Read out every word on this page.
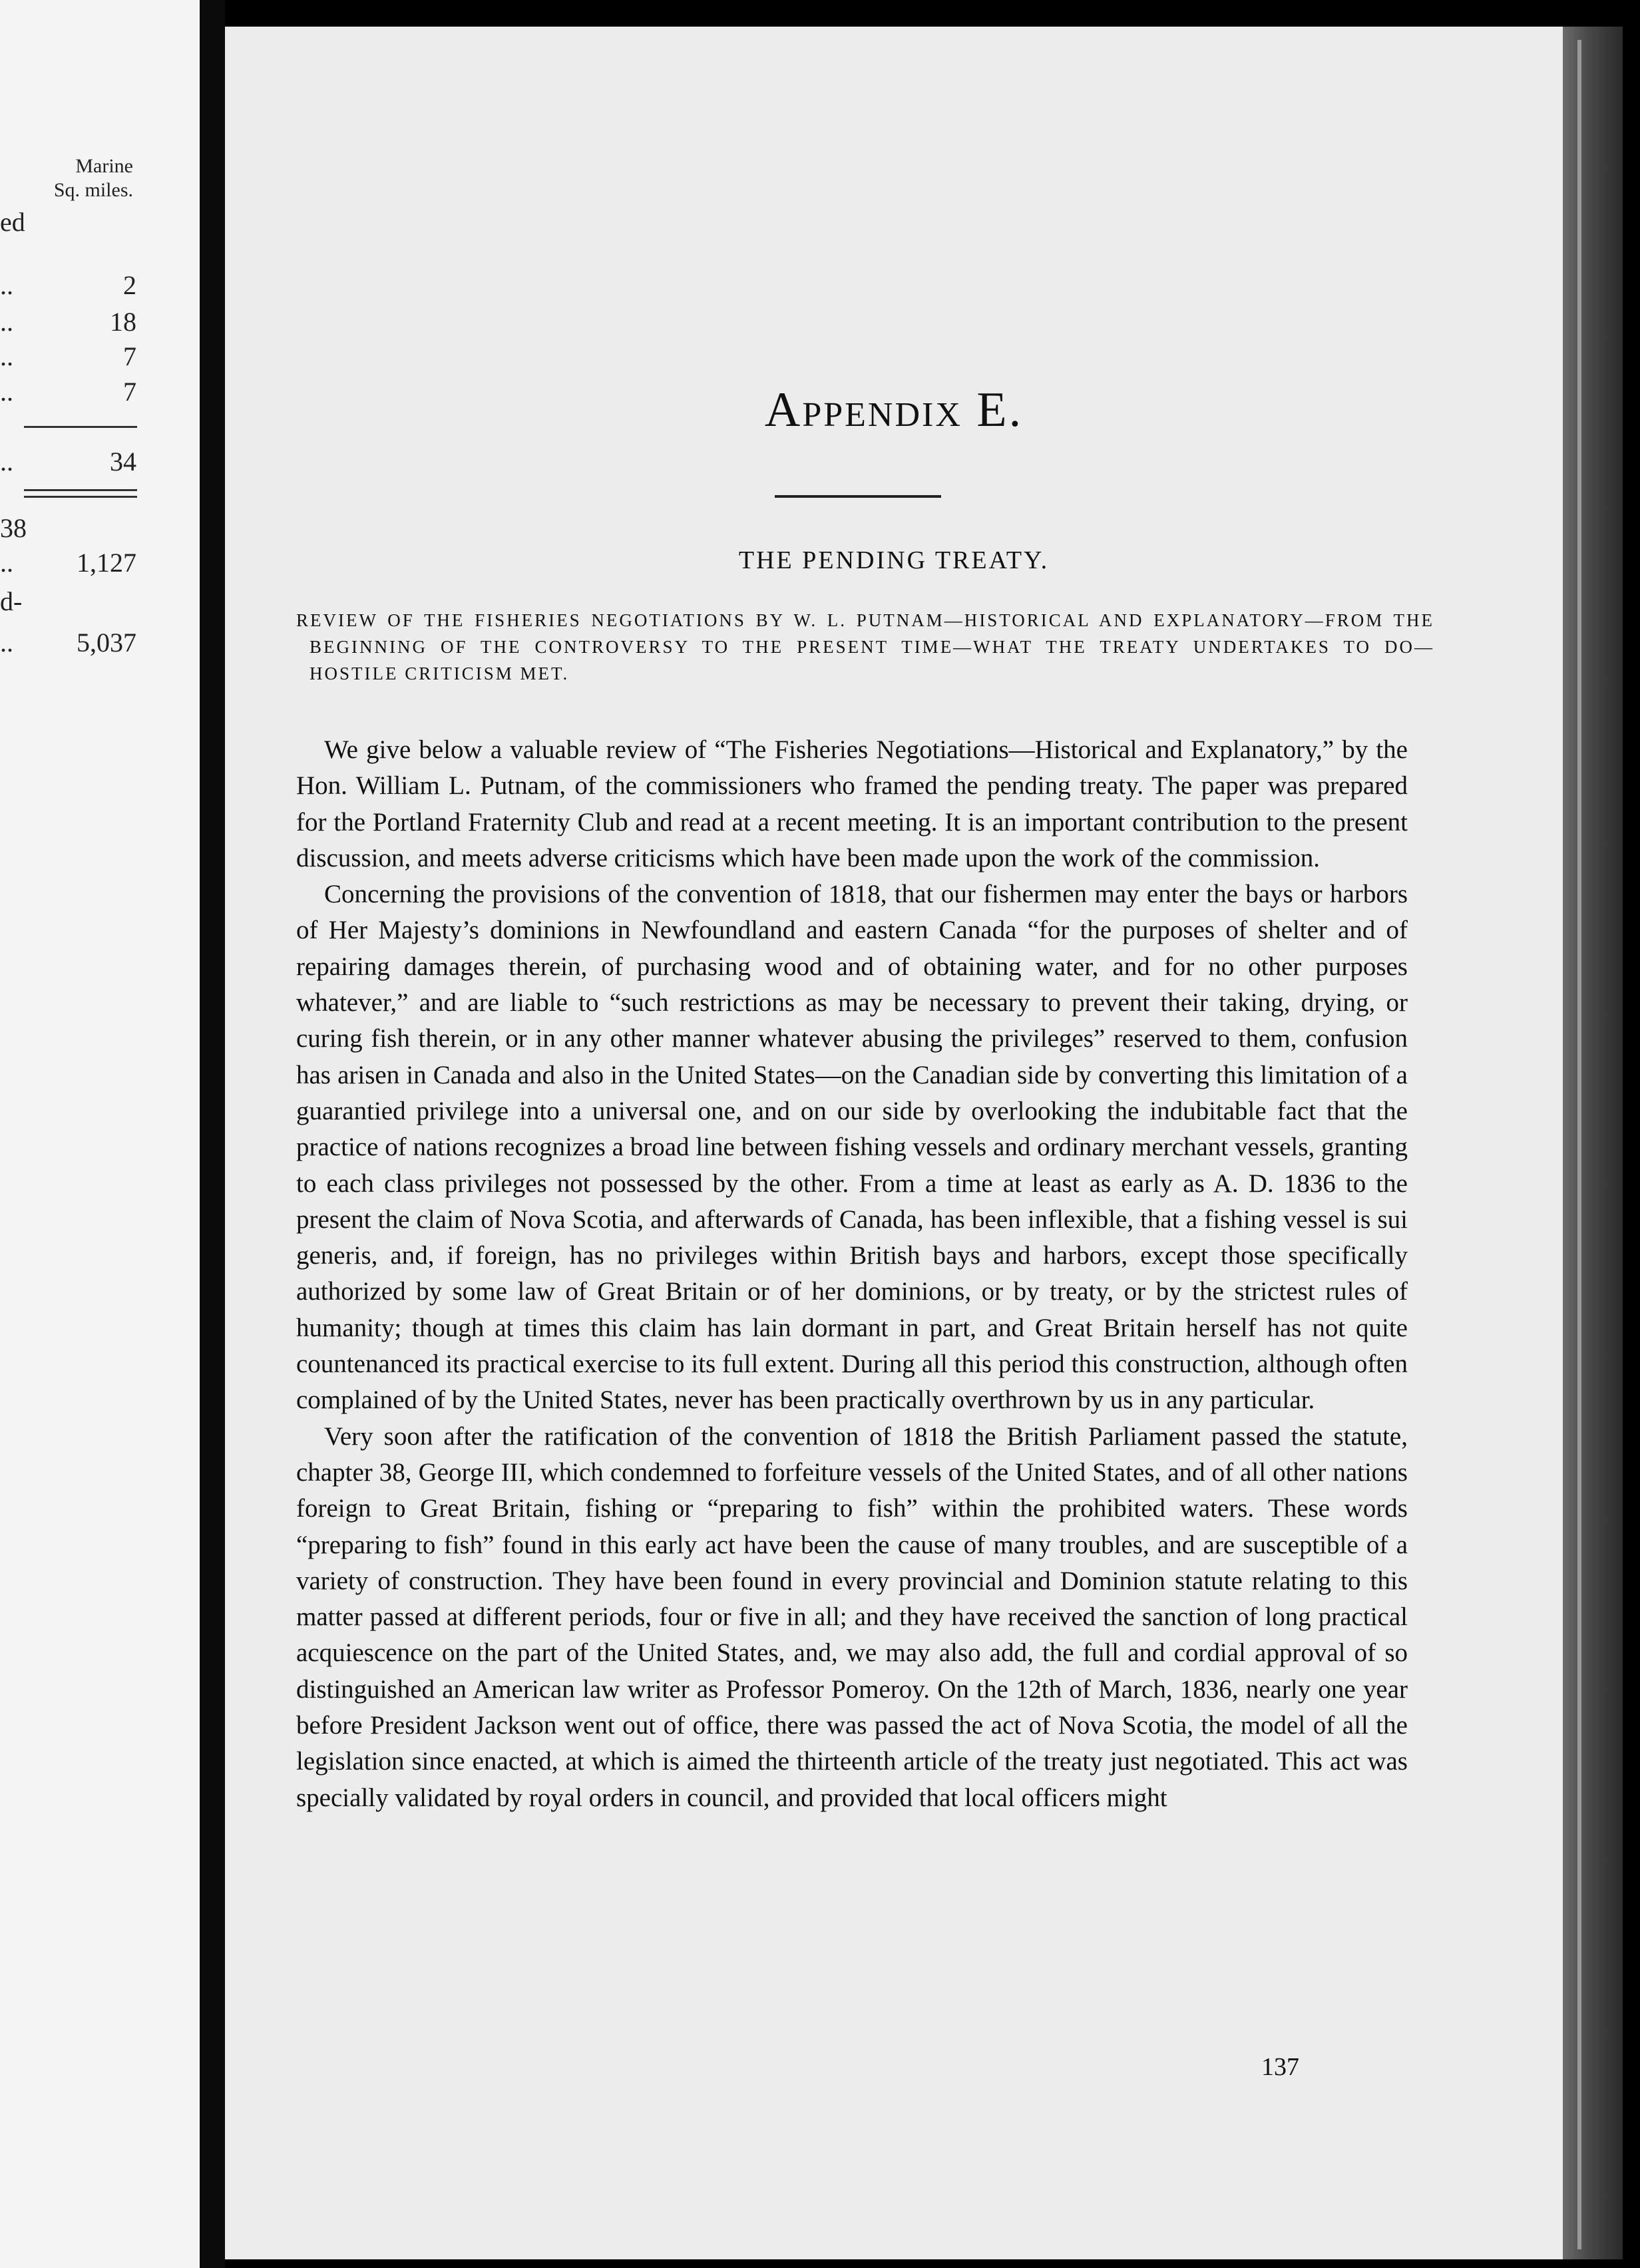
Marine
Sq. miles.
ed
..	2
..	18
..	7
..	7
..	34
38
.. 1,127
d-
.. 5,037
Appendix E.
THE PENDING TREATY.
REVIEW OF THE FISHERIES NEGOTIATIONS BY W. L. PUTNAM—HISTORICAL AND EXPLANATORY—FROM THE BEGINNING OF THE CONTROVERSY TO THE PRESENT TIME—WHAT THE TREATY UNDERTAKES TO DO—HOSTILE CRITICISM MET.

We give below a valuable review of “The Fisheries Negotiations—Historical and Explanatory,” by the Hon. William L. Putnam, of the commissioners who framed the pending treaty. The paper was prepared for the Portland Fraternity Club and read at a recent meeting. It is an important contribution to the present discussion, and meets adverse criticisms which have been made upon the work of the commission.

Concerning the provisions of the convention of 1818, that our fishermen may enter the bays or harbors of Her Majesty’s dominions in Newfoundland and eastern Canada “for the purposes of shelter and of repairing damages therein, of purchasing wood and of obtaining water, and for no other purposes whatever,” and are liable to “such restrictions as may be necessary to prevent their taking, drying, or curing fish therein, or in any other manner whatever abusing the privileges” reserved to them, confusion has arisen in Canada and also in the United States—on the Canadian side by converting this limitation of a guarantied privilege into a universal one, and on our side by overlooking the indubitable fact that the practice of nations recognizes a broad line between fishing vessels and ordinary merchant vessels, granting to each class privileges not possessed by the other. From a time at least as early as A. D. 1836 to the present the claim of Nova Scotia, and afterwards of Canada, has been inflexible, that a fishing vessel is sui generis, and, if foreign, has no privileges within British bays and harbors, except those specifically authorized by some law of Great Britain or of her dominions, or by treaty, or by the strictest rules of humanity; though at times this claim has lain dormant in part, and Great Britain herself has not quite countenanced its practical exercise to its full extent. During all this period this construction, although often complained of by the United States, never has been practically overthrown by us in any particular.

Very soon after the ratification of the convention of 1818 the British Parliament passed the statute, chapter 38, George III, which condemned to forfeiture vessels of the United States, and of all other nations foreign to Great Britain, fishing or “preparing to fish” within the prohibited waters. These words “preparing to fish” found in this early act have been the cause of many troubles, and are susceptible of a variety of construction. They have been found in every provincial and Dominion statute relating to this matter passed at different periods, four or five in all; and they have received the sanction of long practical acquiescence on the part of the United States, and, we may also add, the full and cordial approval of so distinguished an American law writer as Professor Pomeroy. On the 12th of March, 1836, nearly one year before President Jackson went out of office, there was passed the act of Nova Scotia, the model of all the legislation since enacted, at which is aimed the thirteenth article of the treaty just negotiated. This act was specially validated by royal orders in council, and provided that local officers might

137
